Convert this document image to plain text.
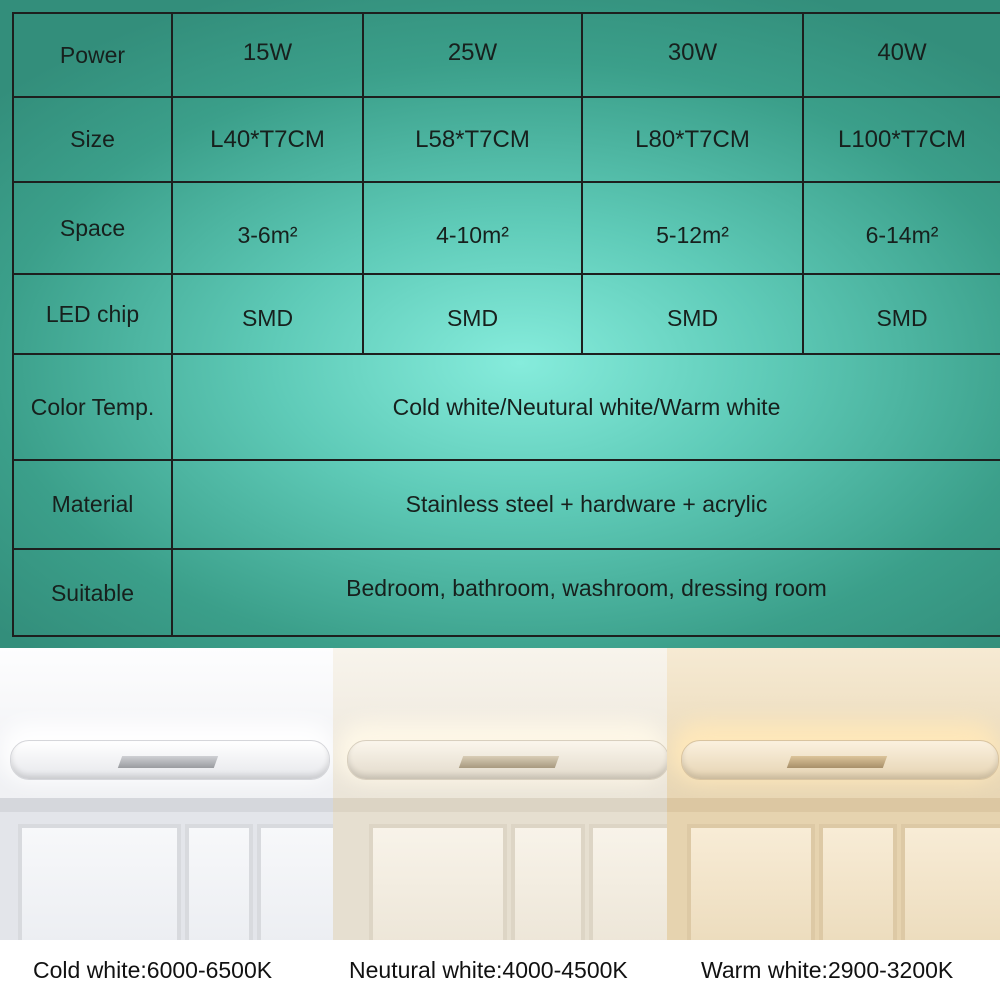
Power	15W	25W	30W	40W
Size	L40*T7CM	L58*T7CM	L80*T7CM	L100*T7CM
Space	3-6m²	4-10m²	5-12m²	6-14m²
LED chip	SMD	SMD	SMD	SMD
Color Temp.	Cold white/Neutural white/Warm white
Material	Stainless steel + hardware + acrylic
Suitable	Bedroom, bathroom, washroom, dressing room
Cold white:6000-6500K	Neutural white:4000-4500K	Warm white:2900-3200K
